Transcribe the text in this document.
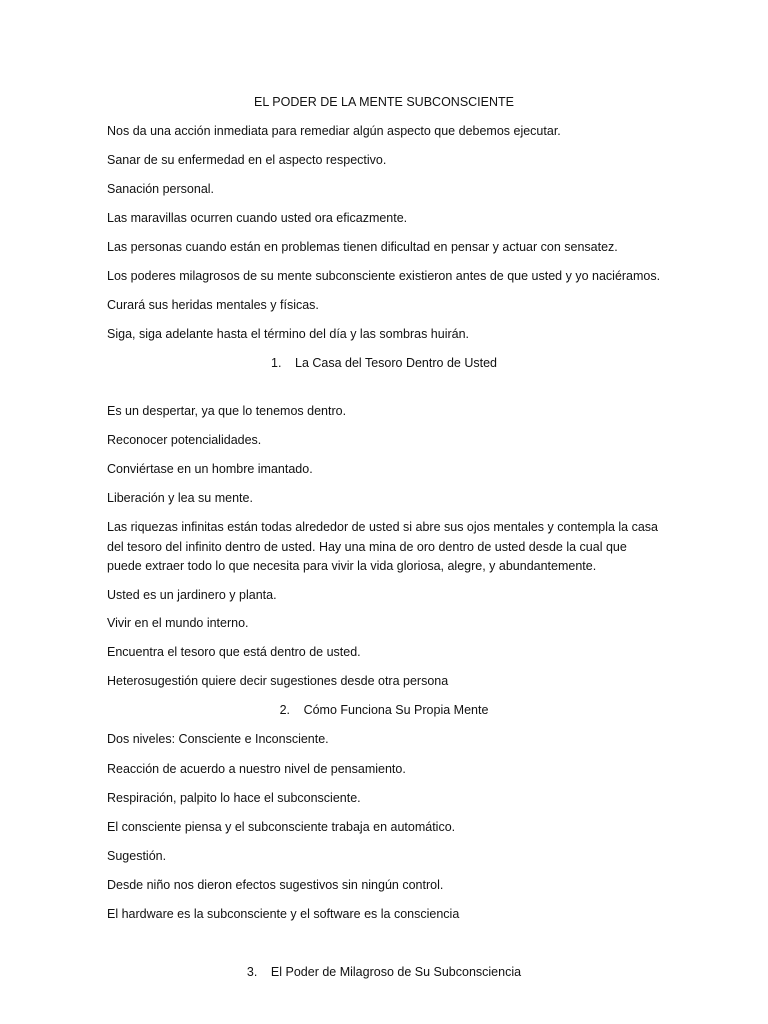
EL PODER DE LA MENTE SUBCONSCIENTE
Nos da una acción inmediata para remediar algún aspecto que debemos ejecutar.
Sanar de su enfermedad en el aspecto respectivo.
Sanación personal.
Las maravillas ocurren cuando usted ora eficazmente.
Las personas cuando están en problemas tienen dificultad en pensar y actuar con sensatez.
Los poderes milagrosos de su mente subconsciente existieron antes de que usted y yo naciéramos.
Curará sus heridas mentales y físicas.
Siga, siga adelante hasta el término del día y las sombras huirán.
1. La Casa del Tesoro Dentro de Usted
Es un despertar, ya que lo tenemos dentro.
Reconocer potencialidades.
Conviértase en un hombre imantado.
Liberación y lea su mente.
Las riquezas infinitas están todas alrededor de usted si abre sus ojos mentales y contempla la casa
del tesoro del infinito dentro de usted. Hay una mina de oro dentro de usted desde la cual que
puede extraer todo lo que necesita para vivir la vida gloriosa, alegre, y abundantemente.
Usted es un jardinero y planta.
Vivir en el mundo interno.
Encuentra el tesoro que está dentro de usted.
Heterosugestión quiere decir sugestiones desde otra persona
2. Cómo Funciona Su Propia Mente
Dos niveles: Consciente e Inconsciente.
Reacción de acuerdo a nuestro nivel de pensamiento.
Respiración, palpito lo hace el subconsciente.
El consciente piensa y el subconsciente trabaja en automático.
Sugestión.
Desde niño nos dieron efectos sugestivos sin ningún control.
El hardware es la subconsciente y el software es la consciencia
3. El Poder de Milagroso de Su Subconsciencia
